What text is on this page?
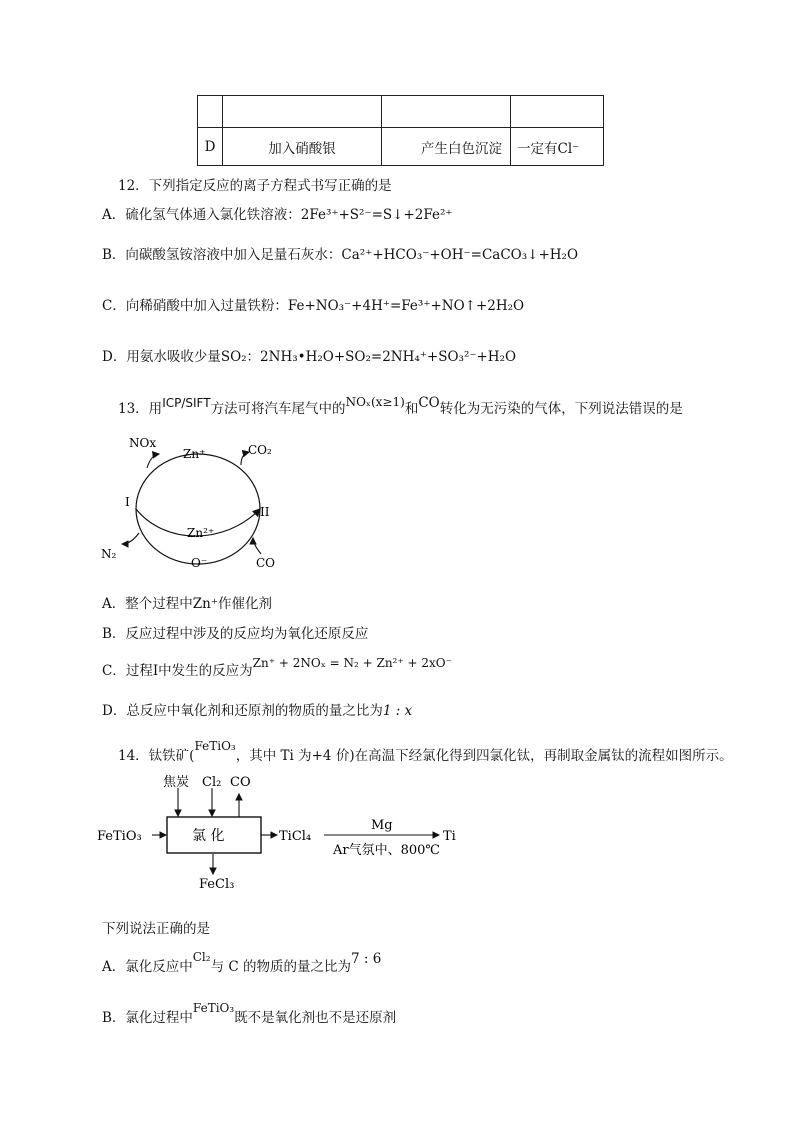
D	加入硝酸银	产生白色沉淀	一定有Cl⁻
12．下列指定反应的离子方程式书写正确的是
A．硫化氢气体通入氯化铁溶液：2Fe³⁺+S²⁻=S↓+2Fe²⁺
B．向碳酸氢铵溶液中加入足量石灰水：Ca²⁺+HCO₃⁻+OH⁻=CaCO₃↓+H₂O
C．向稀硝酸中加入过量铁粉：Fe+NO₃⁻+4H⁺=Fe³⁺+NO↑+2H₂O
D．用氨水吸收少量SO₂：2NH₃•H₂O+SO₂=2NH₄⁺+SO₃²⁻+H₂O
13．用ICP/SIFT方法可将汽车尾气中的NOₓ(x≥1)和CO转化为无污染的气体，下列说法错误的是
NOx
Zn⁺	CO₂
I
II
Zn²⁺
N₂
O⁻	CO
A．整个过程中Zn⁺作催化剂
B．反应过程中涉及的反应均为氧化还原反应
C．过程Ⅰ中发生的反应为Zn⁺ + 2NOₓ = N₂ + Zn²⁺ + 2xO⁻
D．总反应中氧化剂和还原剂的物质的量之比为1 : x
14．钛铁矿(FeTiO₃，其中 Ti 为+4 价)在高温下经氯化得到四氯化钛，再制取金属钛的流程如图所示。
氯 化
焦炭 Cl₂ CO
FeTiO₃	TiCl₄
Mg
Ar气氛中、800℃
Ti
FeCl₃
下列说法正确的是
A．氯化反应中Cl₂与 C 的物质的量之比为7 : 6
B．氯化过程中FeTiO₃既不是氧化剂也不是还原剂
